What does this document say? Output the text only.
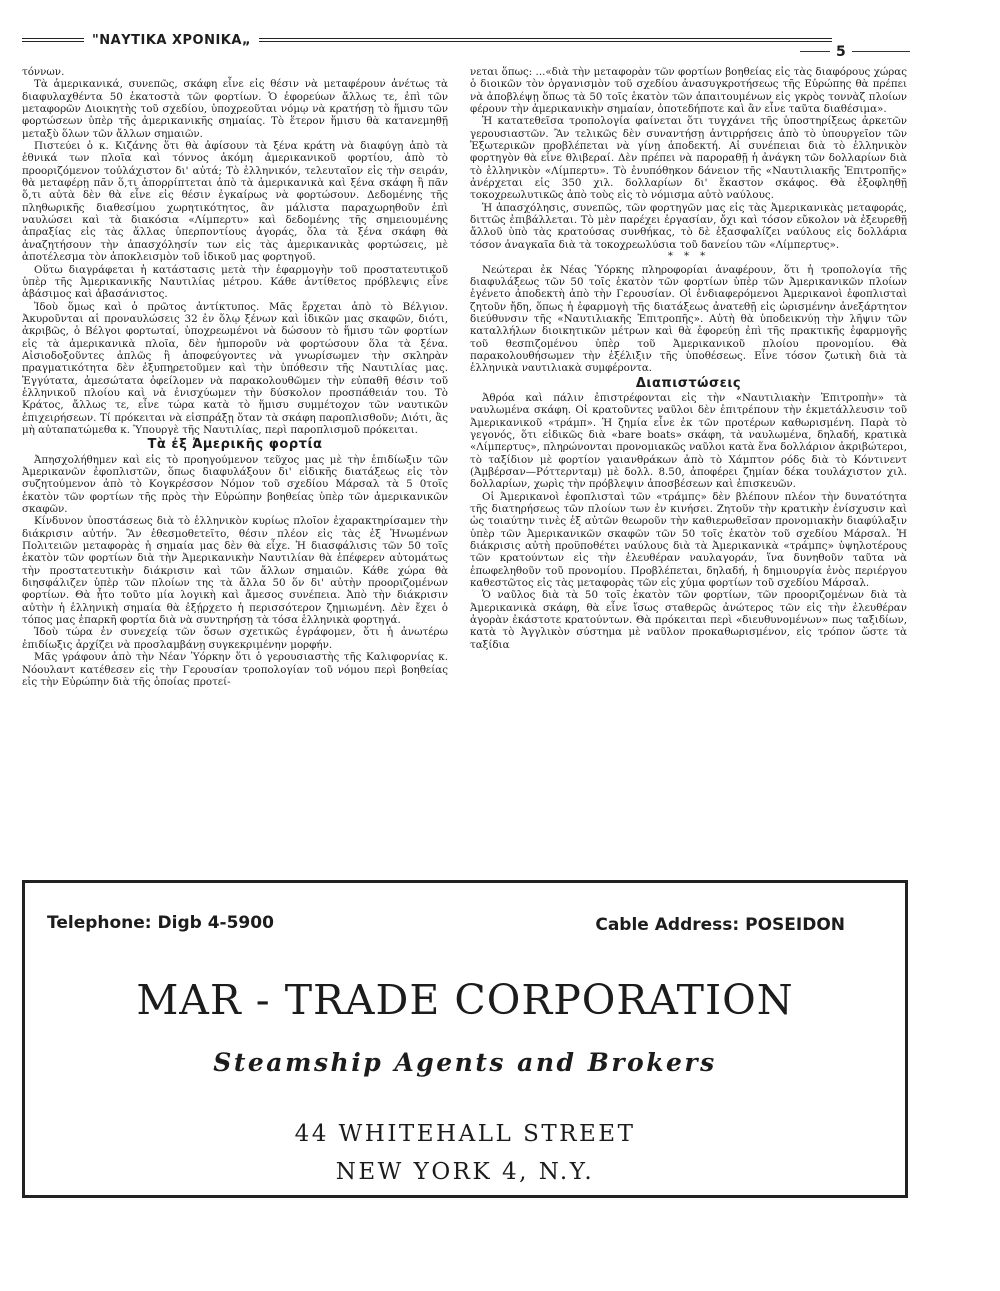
"ΝΑΥΤΙΚΑ ΧΡΟΝΙΚΑ„
5

τόννων.

Τὰ ἀμερικανικά, συνεπῶς, σκάφη εἶνε εἰς θέσιν νὰ μεταφέρουν ἀνέτως τὰ διαφυλαχθέντα 50 ἑκατοστὰ τῶν φορτίων. Ὁ ἐφορεύων ἄλλως τε, ἐπὶ τῶν μεταφορῶν Διοικητὴς τοῦ σχεδίου, ὑποχρεοῦται νόμῳ νὰ κρατήσῃ τὸ ἥμισυ τῶν φορτώσεων ὑπὲρ τῆς ἀμερικανικῆς σημαίας. Τὸ ἕτερον ἥμισυ θὰ κατανεμηθῇ μεταξὺ ὅλων τῶν ἄλλων σημαιῶν.

Πιστεύει ὁ κ. Κιζάνης ὅτι θὰ ἀφίσουν τὰ ξένα κράτη νὰ διαφύγῃ ἀπὸ τὰ ἐθνικά των πλοῖα καὶ τόννος ἀκόμη ἀμερικανικοῦ φορτίου, ἀπὸ τὸ προοριζόμενον τοὐλάχιστον δι' αὐτά; Τὸ ἑλληνικόν, τελευταῖον εἰς τὴν σειράν, θὰ μεταφέρῃ πᾶν ὅ,τι ἀπορρίπτεται ἀπὸ τὰ ἀμερικανικὰ καὶ ξένα σκάφη ἢ πᾶν ὅ,τι αὐτὰ δὲν θὰ εἶνε εἰς θέσιν ἐγκαίρως νὰ φορτώσουν. Δεδομένης τῆς πληθωρικῆς διαθεσίμου χωρητικότητος, ἂν μάλιστα παραχωρηθοῦν ἐπὶ ναυλώσει καὶ τὰ διακόσια «Λίμπερτυ» καὶ δεδομένης τῆς σημειουμένης ἀπραξίας εἰς τὰς ἄλλας ὑπερποντίους ἀγοράς, ὅλα τὰ ξένα σκάφη θὰ ἀναζητήσουν τὴν ἀπασχόλησίν των εἰς τὰς ἀμερικανικὰς φορτώσεις, μὲ ἀποτέλεσμα τὸν ἀποκλεισμὸν τοῦ ἰδικοῦ μας φορτηγοῦ.

Οὕτω διαγράφεται ἡ κατάστασις μετὰ τὴν ἐφαρμογὴν τοῦ προστατευτικοῦ ὑπὲρ τῆς Ἀμερικανικῆς Ναυτιλίας μέτρου. Κάθε ἀντίθετος πρόβλεψις εἶνε ἀβάσιμος καὶ ἀβασάνιστος.

Ἰδοὺ ὅμως καὶ ὁ πρῶτος ἀντίκτυπος. Μᾶς ἔρχεται ἀπὸ τὸ Βέλγιον. Ἀκυροῦνται αἱ προναυλώσεις 32 ἐν ὅλῳ ξένων καὶ ἰδικῶν μας σκαφῶν, διότι, ἀκριβῶς, ὁ Βέλγοι φορτωταί, ὑποχρεωμένοι νὰ δώσουν τὸ ἥμισυ τῶν φορτίων εἰς τὰ ἀμερικανικὰ πλοῖα, δὲν ἠμποροῦν νὰ φορτώσουν ὅλα τὰ ξένα. Αἰσιοδοξοῦντες ἁπλῶς ἢ ἀποφεύγοντες νὰ γνωρίσωμεν τὴν σκληρὰν πραγματικότητα δὲν ἐξυπηρετοῦμεν καὶ τὴν ὑπόθεσιν τῆς Ναυτιλίας μας. Ἐγγύτατα, ἀμεσώτατα ὀφείλομεν νὰ παρακολουθῶμεν τὴν εὐπαθῆ θέσιν τοῦ ἑλληνικοῦ πλοίου καὶ νὰ ἐνισχύωμεν τὴν δύσκολον προσπάθειάν του. Τὸ Κράτος, ἄλλως τε, εἶνε τώρα κατὰ τὸ ἥμισυ συμμέτοχον τῶν ναυτικῶν ἐπιχειρήσεων. Τί πρόκειται νὰ εἰσπράξῃ ὅταν τὰ σκάφη παροπλισθοῦν; Διότι, ἂς μὴ αὐταπατώμεθα κ. Ὑπουργὲ τῆς Ναυτιλίας, περὶ παροπλισμοῦ πρόκειται.

Τὰ ἐξ Ἀμερικῆς φορτία

Ἀπησχολήθημεν καὶ εἰς τὸ προηγούμενον τεῦχος μας μὲ τὴν ἐπιδίωξιν τῶν Ἀμερικανῶν ἐφοπλιστῶν, ὅπως διαφυλάξουν δι' εἰδικῆς διατάξεως εἰς τὸν συζητούμενον ἀπὸ τὸ Κογκρέσσον Νόμον τοῦ σχεδίου Μάρσαλ τὰ 5 0τοῖς ἑκατὸν τῶν φορτίων τῆς πρὸς τὴν Εὐρώπην βοηθείας ὑπὲρ τῶν ἀμερικανικῶν σκαφῶν.

Κίνδυνον ὑποστάσεως διὰ τὸ ἑλληνικὸν κυρίως πλοῖον ἐχαρακτηρίσαμεν τὴν διάκρισιν αὐτήν. Ἂν ἐθεσμοθετεῖτο, θέσιν πλέον εἰς τὰς ἐξ Ἡνωμένων Πολιτειῶν μεταφορὰς ἡ σημαία μας δὲν θὰ εἶχε. Ἡ διασφάλισις τῶν 50 τοῖς ἑκατὸν τῶν φορτίων διὰ τὴν Ἀμερικανικὴν Ναυτιλίαν θὰ ἐπέφερεν αὐτομάτως τὴν προστατευτικὴν διάκρισιν καὶ τῶν ἄλλων σημαιῶν. Κάθε χώρα θὰ διησφάλιζεν ὑπὲρ τῶν πλοίων της τὰ ἄλλα 50 ὅν δι' αὐτὴν προοριζομένων φορτίων. Θὰ ἦτο τοῦτο μία λογικὴ καὶ ἄμεσος συνέπεια. Ἀπὸ τὴν διάκρισιν αὐτὴν ἡ ἑλληνικὴ σημαία θὰ ἐξῄρχετο ἡ περισσότερον ζημιωμένη. Δὲν ἔχει ὁ τόπος μας ἐπαρκῆ φορτία διὰ νὰ συντηρήσῃ τὰ τόσα ἑλληνικὰ φορτηγά.

Ἰδοὺ τώρα ἐν συνεχείᾳ τῶν ὅσων σχετικῶς ἐγράφομεν, ὅτι ἡ ἀνωτέρω ἐπιδίωξις ἀρχίζει νὰ προσλαμβάνῃ συγκεκριμένην μορφήν.

Μᾶς γράφουν ἀπὸ τὴν Νέαν Ὑόρκην ὅτι ὁ γερουσιαστὴς τῆς Καλιφορνίας κ. Νόουλαντ κατέθεσεν εἰς τὴν Γερουσίαν τροπολογίαν τοῦ νόμου περὶ βοηθείας εἰς τὴν Εὐρώπην διὰ τῆς ὁποίας προτεί-

νεται ὅπως: ...«διὰ τὴν μεταφορὰν τῶν φορτίων βοηθείας εἰς τὰς διαφόρους χώρας ὁ διοικῶν τὸν ὀργανισμὸν τοῦ σχεδίου ἀνασυγκροτήσεως τῆς Εὐρώπης θὰ πρέπει νὰ ἀποβλέψῃ ὅπως τὰ 50 τοῖς ἑκατὸν τῶν ἀπαιτουμένων εἰς γκρὸς τοννὰζ πλοίων φέρουν τὴν ἀμερικανικὴν σημαίαν, ὁποτεδήποτε καὶ ἂν εἶνε ταῦτα διαθέσιμα».

Ἡ κατατεθεῖσα τροπολογία φαίνεται ὅτι τυγχάνει τῆς ὑποστηρίξεως ἀρκετῶν γερουσιαστῶν. Ἂν τελικῶς δὲν συναντήσῃ ἀντιρρήσεις ἀπὸ τὸ ὑπουργεῖον τῶν Ἐξωτερικῶν προβλέπεται νὰ γίνῃ ἀποδεκτή. Αἱ συνέπειαι διὰ τὸ ἑλληνικὸν φορτηγὸν θὰ εἶνε θλιβεραί. Δὲν πρέπει νὰ παροραθῇ ἡ ἀνάγκη τῶν δολλαρίων διὰ τὸ ἑλληνικὸν «Λίμπερτυ». Τὸ ἐνυπόθηκον δάνειον τῆς «Ναυτιλιακῆς Ἐπιτροπῆς» ἀνέρχεται εἰς 350 χιλ. δολλαρίων δι' ἕκαστον σκάφος. Θὰ ἐξοφληθῇ τοκοχρεωλυτικῶς ἀπὸ τοὺς εἰς τὸ νόμισμα αὐτὸ ναύλους.

Ἡ ἀπασχόλησις, συνεπῶς, τῶν φορτηγῶν μας εἰς τὰς Ἀμερικανικὰς μεταφοράς, διττῶς ἐπιβάλλεται. Τὸ μὲν παρέχει ἐργασίαν, ὄχι καὶ τόσον εὔκολον νὰ ἐξευρεθῇ ἄλλοῦ ὑπὸ τὰς κρατούσας συνθήκας, τὸ δὲ ἐξασφαλίζει ναύλους εἰς δολλάρια τόσον ἀναγκαῖα διὰ τὰ τοκοχρεωλύσια τοῦ δανείου τῶν «Λίμπερτυς».

* * *

Νεώτεραι ἐκ Νέας Ὑόρκης πληροφορίαι ἀναφέρουν, ὅτι ἡ τροπολογία τῆς διαφυλάξεως τῶν 50 τοῖς ἑκατὸν τῶν φορτίων ὑπὲρ τῶν Ἀμερικανικῶν πλοίων ἐγένετο ἀποδεκτὴ ἀπὸ τὴν Γερουσίαν. Οἱ ἐνδιαφερόμενοι Ἀμερικανοὶ ἐφοπλισταὶ ζητοῦν ἤδη, ὅπως ἡ ἐφαρμογὴ τῆς διατάξεως ἀνατεθῇ εἰς ὡρισμένην ἀνεξάρτητον διεύθυνσιν τῆς «Ναυτιλιακῆς Ἐπιτροπῆς». Αὐτὴ θὰ ὑποδεικνύῃ τὴν λῆψιν τῶν καταλλήλων διοικητικῶν μέτρων καὶ θὰ ἐφορεύῃ ἐπὶ τῆς πρακτικῆς ἐφαρμογῆς τοῦ θεσπιζομένου ὑπὲρ τοῦ Ἀμερικανικοῦ πλοίου προνομίου. Θὰ παρακολουθήσωμεν τὴν ἐξέλιξιν τῆς ὑποθέσεως. Εἶνε τόσον ζωτικὴ διὰ τὰ ἑλληνικὰ ναυτιλιακὰ συμφέροντα.

Διαπιστώσεις

Ἀθρόα καὶ πάλιν ἐπιστρέφονται εἰς τὴν «Ναυτιλιακὴν Ἐπιτροπὴν» τὰ ναυλωμένα σκάφη. Οἱ κρατοῦντες ναῦλοι δὲν ἐπιτρέπουν τὴν ἐκμετάλλευσιν τοῦ Ἀμερικανικοῦ «τράμπ». Ἡ ζημία εἶνε ἐκ τῶν προτέρων καθωρισμένη. Παρὰ τὸ γεγονός, ὅτι εἰδικῶς διὰ «bare boats» σκάφη, τὰ ναυλωμένα, δηλαδή, κρατικὰ «Λίμπερτυς», πληρώνονται προνομιακῶς ναῦλοι κατὰ ἕνα δολλάριον ἀκριβώτεροι, τὸ ταξίδιον μὲ φορτίον γαιανθράκων ἀπὸ τὸ Χάμπτον ρόδς διὰ τὸ Κόντινεντ (Ἀμβέρσαν—Ρόττερνταμ) μὲ δολλ. 8.50, ἀποφέρει ζημίαν δέκα τουλάχιστον χιλ. δολλαρίων, χωρὶς τὴν πρόβλεψιν ἀποσβέσεων καὶ ἐπισκευῶν.

Οἱ Ἀμερικανοὶ ἐφοπλισταὶ τῶν «τράμπς» δὲν βλέπουν πλέον τὴν δυνατότητα τῆς διατηρήσεως τῶν πλοίων των ἐν κινήσει. Ζητοῦν τὴν κρατικὴν ἐνίσχυσιν καὶ ὡς τοιαύτην τινὲς ἐξ αὐτῶν θεωροῦν τὴν καθιερωθεῖσαν προνομιακὴν διαφύλαξιν ὑπὲρ τῶν Ἀμερικανικῶν σκαφῶν τῶν 50 τοῖς ἑκατὸν τοῦ σχεδίου Μάρσαλ. Ἡ διάκρισις αὐτὴ προϋποθέτει ναύλους διὰ τὰ Ἀμερικανικὰ «τράμπς» ὑψηλοτέρους τῶν κρατούντων εἰς τὴν ἐλευθέραν ναυλαγοράν, ἵνα δυνηθοῦν ταῦτα νὰ ἐπωφεληθοῦν τοῦ προνομίου. Προβλέπεται, δηλαδή, ἡ δημιουργία ἑνὸς περιέργου καθεστῶτος εἰς τὰς μεταφορὰς τῶν εἰς χύμα φορτίων τοῦ σχεδίου Μάρσαλ.

Ὁ ναῦλος διὰ τὰ 50 τοῖς ἑκατὸν τῶν φορτίων, τῶν προοριζομένων διὰ τὰ Ἀμερικανικὰ σκάφη, θὰ εἶνε ἴσως σταθερῶς ἀνώτερος τῶν εἰς τὴν ἐλευθέραν ἀγορὰν ἐκάστοτε κρατούντων. Θὰ πρόκειται περὶ «διευθυνομένων» πως ταξιδίων, κατὰ τὸ Ἀγγλικὸν σύστημα μὲ ναῦλον προκαθωρισμένον, εἰς τρόπον ὥστε τὰ ταξίδια

Telephone: Digb 4-5900	Cable Address: POSEIDON
MAR - TRADE CORPORATION
Steamship Agents and Brokers
44 WHITEHALL STREET
NEW YORK 4, N.Y.
